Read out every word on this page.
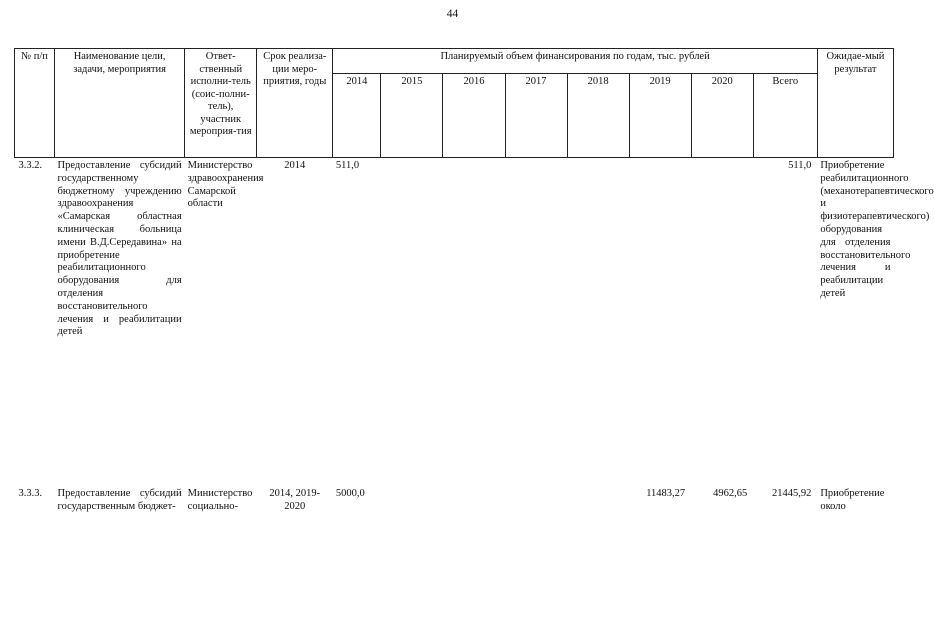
44
№ п/п	Наименование цели, задачи, мероприятия	Ответ-ственный исполни-тель (соис-полни-тель), участник мероприя-тия	Срок реализа-ции меро-приятия, годы	Планируемый объем финансирования по годам, тыс. рублей								Ожидае-мый результат
				2014	2015	2016	2017	2018	2019	2020	Всего	

3.3.2.	Предоставление субсидий государственному бюджетному учреждению здравоохранения «Самарская областная клиническая больница имени В.Д.Середавина» на приобретение реабилитационного оборудования для отделения восстановительного лечения и реабилитации детей	Министерство здравоохранения Самарской области	2014	511,0							511,0	Приобретение реабилитационного (механотерапевтического и физиотерапевтического) оборудования для отделения восстановительного лечения и реабилитации детей
3.3.3.	Предоставление субсидий государственным бюджет-	Министерство социально-	2014, 2019-2020	5000,0					11483,27	4962,65	21445,92	Приобретение около
